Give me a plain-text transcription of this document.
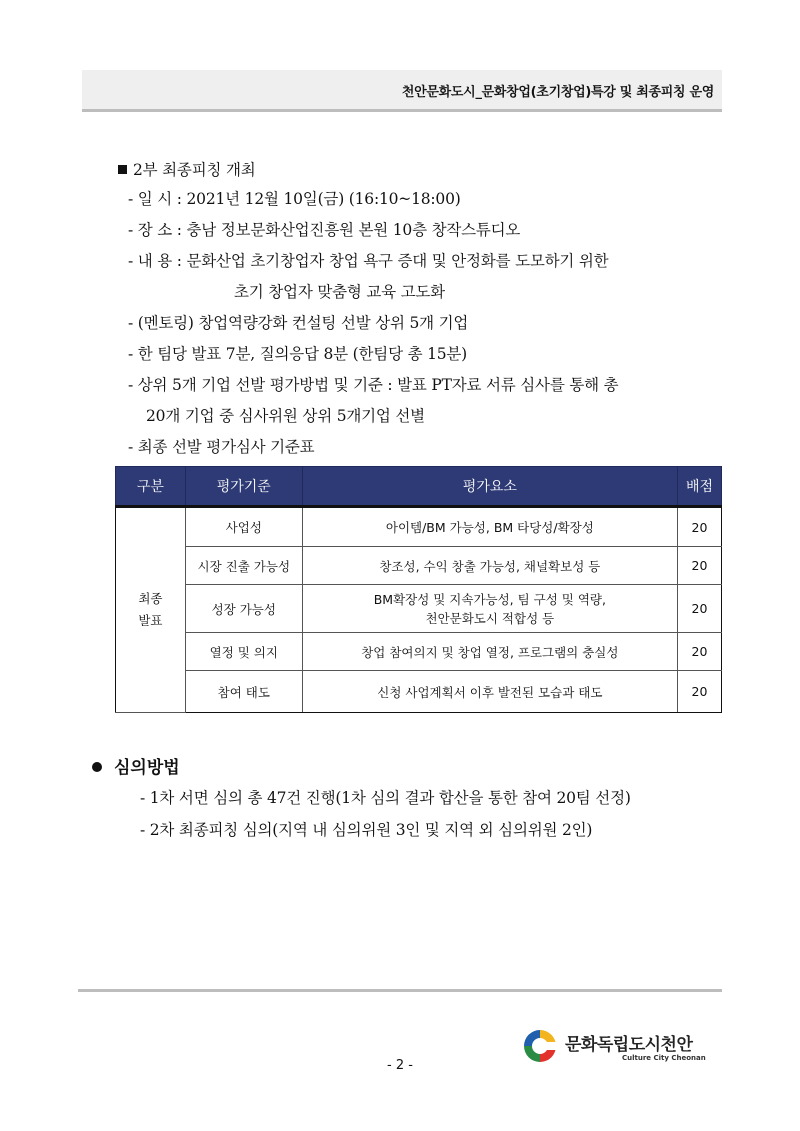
천안문화도시_문화창업(초기창업)특강 및 최종피칭 운영
2부 최종피칭 개최
- 일 시 : 2021년 12월 10일(금) (16:10~18:00)
- 장 소 : 충남 정보문화산업진흥원 본원 10층 창작스튜디오
- 내 용 : 문화산업 초기창업자 창업 욕구 증대 및 안정화를 도모하기 위한
초기 창업자 맞춤형 교육 고도화
- (멘토링) 창업역량강화 컨설팅 선발 상위 5개 기업
- 한 팀당 발표 7분, 질의응답 8분 (한팀당 총 15분)
- 상위 5개 기업 선발 평가방법 및 기준 : 발표 PT자료 서류 심사를 통해 총
20개 기업 중 심사위원 상위 5개기업 선별
- 최종 선발 평가심사 기준표
구분	평가기준	평가요소	배점

최종
발표	사업성	아이템/BM 가능성, BM 타당성/확장성	20
	시장 진출 가능성	창조성, 수익 창출 가능성, 채널확보성 등	20
	성장 가능성	BM확장성 및 지속가능성, 팀 구성 및 역량,
천안문화도시 적합성 등	20
	열정 및 의지	창업 참여의지 및 창업 열정, 프로그램의 충실성	20
	참여 태도	신청 사업계획서 이후 발전된 모습과 태도	20
심의방법
- 1차 서면 심의 총 47건 진행(1차 심의 결과 합산을 통한 참여 20팀 선정)
- 2차 최종피칭 심의(지역 내 심의위원 3인 및 지역 외 심의위원 2인)
문화독립도시천안
Culture City Cheonan
- 2 -
